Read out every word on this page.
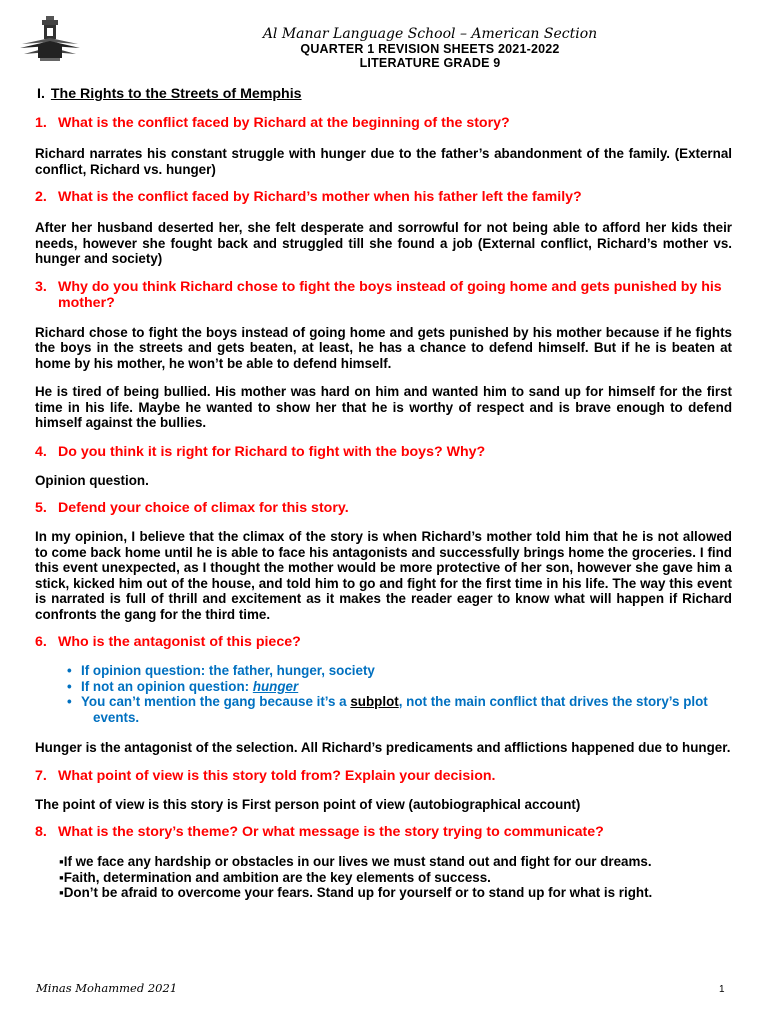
Al Manar Language School – American Section
QUARTER 1 REVISION SHEETS 2021-2022
LITERATURE GRADE 9
I. The Rights to the Streets of Memphis
1. What is the conflict faced by Richard at the beginning of the story?
Richard narrates his constant struggle with hunger due to the father’s abandonment of the family. (External conflict, Richard vs. hunger)
2. What is the conflict faced by Richard’s mother when his father left the family?
After her husband deserted her, she felt desperate and sorrowful for not being able to afford her kids their needs, however she fought back and struggled till she found a job (External conflict, Richard’s mother vs. hunger and society)
3. Why do you think Richard chose to fight the boys instead of going home and gets punished by his mother?
Richard chose to fight the boys instead of going home and gets punished by his mother because if he fights the boys in the streets and gets beaten, at least, he has a chance to defend himself. But if he is beaten at home by his mother, he won’t be able to defend himself.
He is tired of being bullied. His mother was hard on him and wanted him to sand up for himself for the first time in his life. Maybe he wanted to show her that he is worthy of respect and is brave enough to defend himself against the bullies.
4. Do you think it is right for Richard to fight with the boys? Why?
Opinion question.
5. Defend your choice of climax for this story.
In my opinion, I believe that the climax of the story is when Richard’s mother told him that he is not allowed to come back home until he is able to face his antagonists and successfully brings home the groceries. I find this event unexpected, as I thought the mother would be more protective of her son, however she gave him a stick, kicked him out of the house, and told him to go and fight for the first time in his life. The way this event is narrated is full of thrill and excitement as it makes the reader eager to know what will happen if Richard confronts the gang for the third time.
6. Who is the antagonist of this piece?
• If opinion question: the father, hunger, society
• If not an opinion question: hunger
• You can’t mention the gang because it’s a subplot, not the main conflict that drives the story’s plot
events.
Hunger is the antagonist of the selection. All Richard’s predicaments and afflictions happened due to hunger.
7. What point of view is this story told from? Explain your decision.
The point of view is this story is First person point of view (autobiographical account)
8. What is the story’s theme? Or what message is the story trying to communicate?
▪If we face any hardship or obstacles in our lives we must stand out and fight for our dreams.
▪Faith, determination and ambition are the key elements of success.
▪Don’t be afraid to overcome your fears. Stand up for yourself or to stand up for what is right.
Minas Mohammed 2021	1
